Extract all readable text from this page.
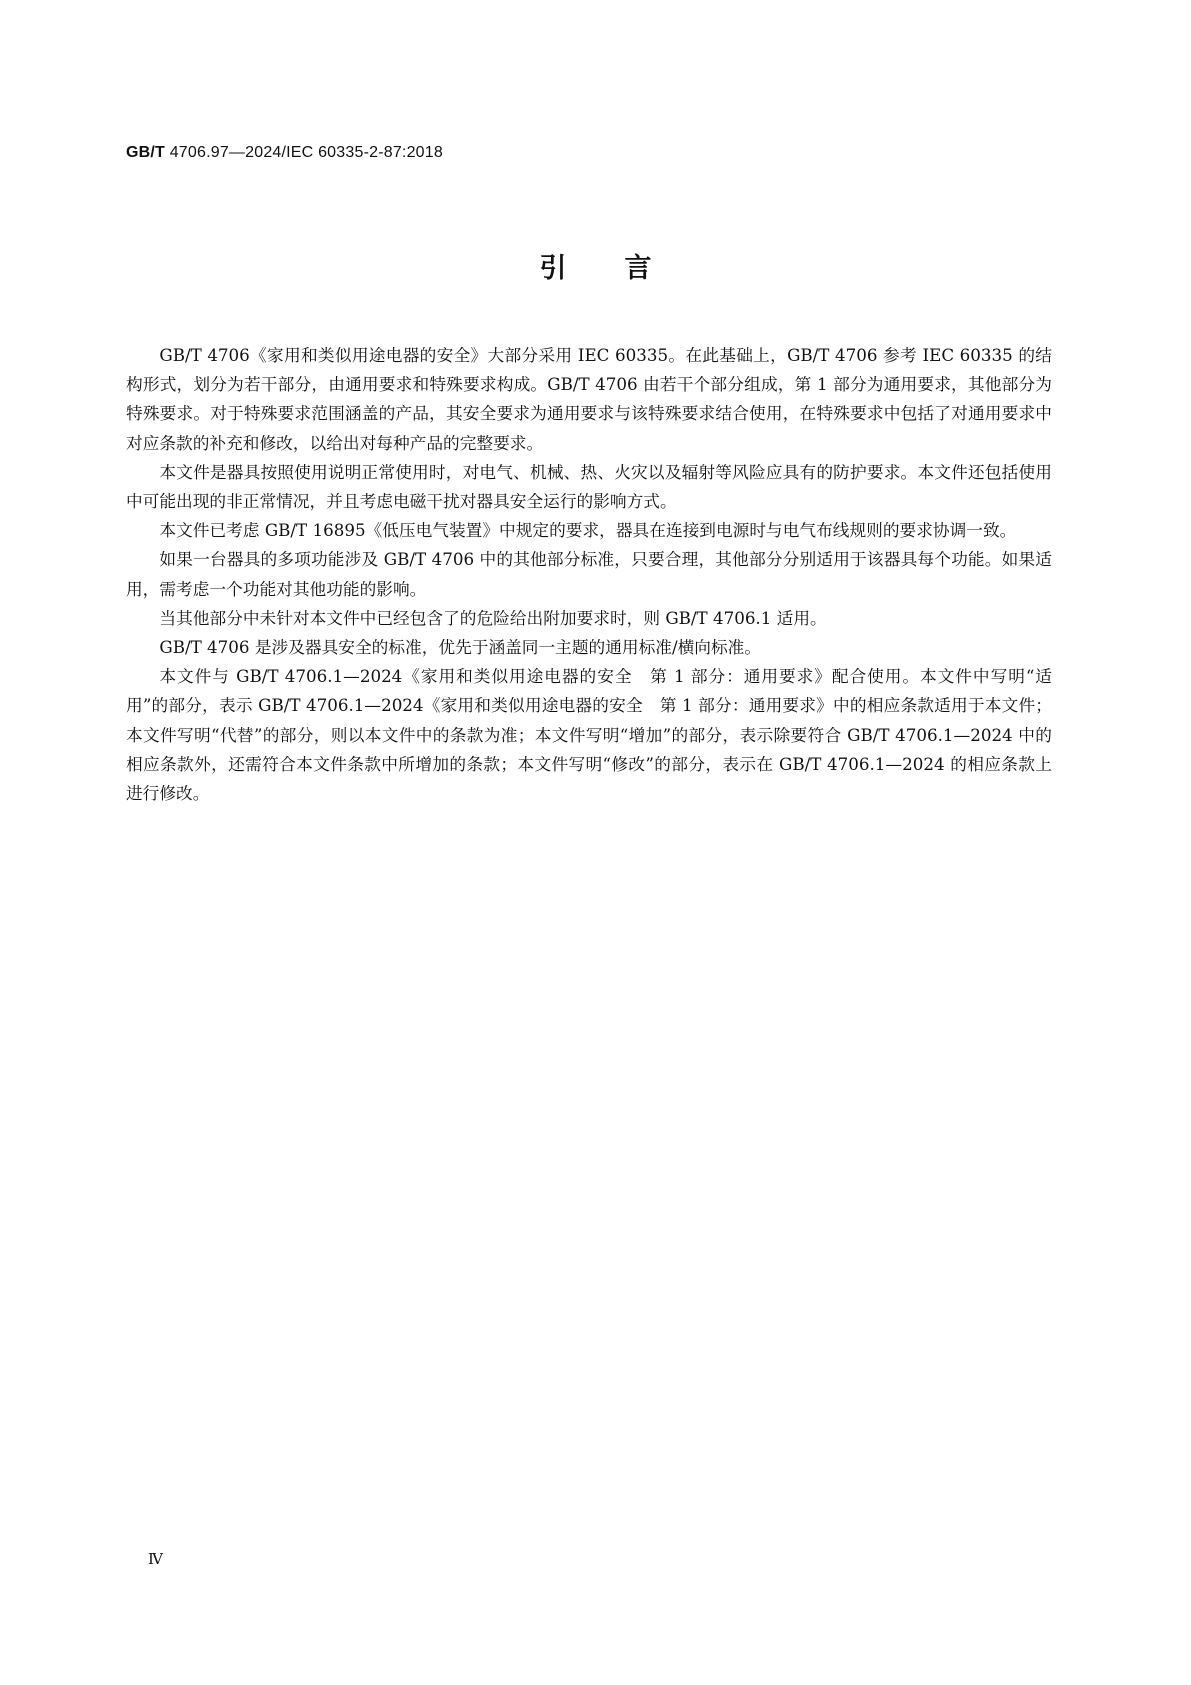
GB/T 4706.97—2024/IEC 60335-2-87:2018
引言

GB/T 4706《家用和类似用途电器的安全》大部分采用 IEC 60335。在此基础上，GB/T 4706 参考 IEC 60335 的结构形式，划分为若干部分，由通用要求和特殊要求构成。GB/T 4706 由若干个部分组成，第 1 部分为通用要求，其他部分为特殊要求。对于特殊要求范围涵盖的产品，其安全要求为通用要求与该特殊要求结合使用，在特殊要求中包括了对通用要求中对应条款的补充和修改，以给出对每种产品的完整要求。

本文件是器具按照使用说明正常使用时，对电气、机械、热、火灾以及辐射等风险应具有的防护要求。本文件还包括使用中可能出现的非正常情况，并且考虑电磁干扰对器具安全运行的影响方式。

本文件已考虑 GB/T 16895《低压电气装置》中规定的要求，器具在连接到电源时与电气布线规则的要求协调一致。

如果一台器具的多项功能涉及 GB/T 4706 中的其他部分标准，只要合理，其他部分分别适用于该器具每个功能。如果适用，需考虑一个功能对其他功能的影响。

当其他部分中未针对本文件中已经包含了的危险给出附加要求时，则 GB/T 4706.1 适用。

GB/T 4706 是涉及器具安全的标准，优先于涵盖同一主题的通用标准/横向标准。

本文件与 GB/T 4706.1—2024《家用和类似用途电器的安全　第 1 部分：通用要求》配合使用。本文件中写明“适用”的部分，表示 GB/T 4706.1—2024《家用和类似用途电器的安全　第 1 部分：通用要求》中的相应条款适用于本文件；本文件写明“代替”的部分，则以本文件中的条款为准；本文件写明“增加”的部分，表示除要符合 GB/T 4706.1—2024 中的相应条款外，还需符合本文件条款中所增加的条款；本文件写明“修改”的部分，表示在 GB/T 4706.1—2024 的相应条款上进行修改。

Ⅳ
